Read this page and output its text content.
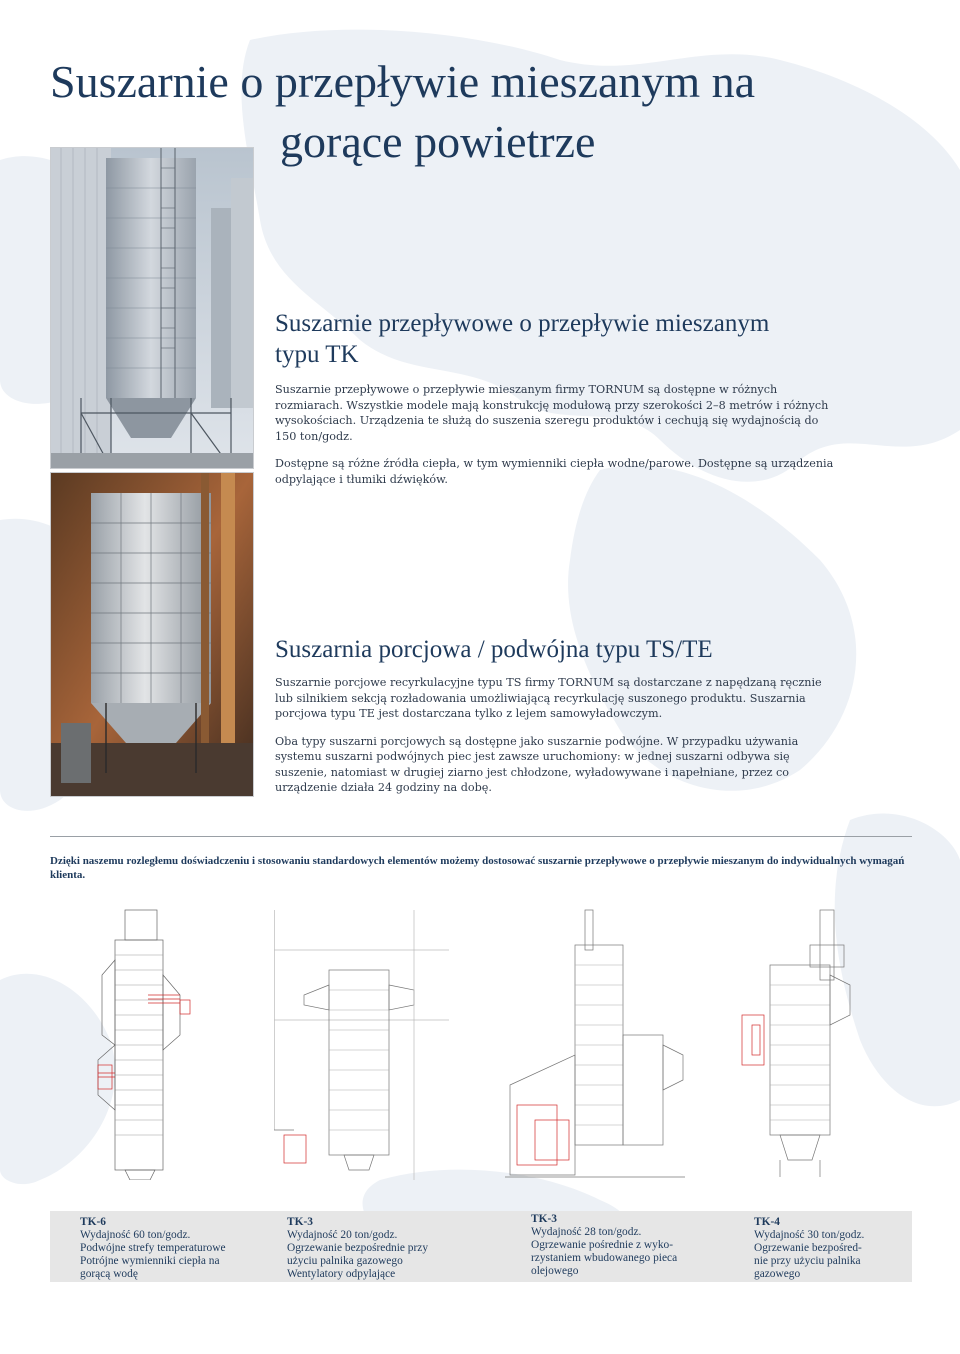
Suszarnie o przepływie mieszanym na
gorące powietrze
Suszarnie przepływowe o przepływie mieszanym
typu TK

Suszarnie przepływowe o przepływie mieszanym firmy TORNUM są dostępne w różnych rozmiarach. Wszystkie modele mają konstrukcję modułową przy szerokości 2–8 metrów i różnych wysokościach. Urządzenia te służą do suszenia szeregu produktów i cechują się wydajnością do 150 ton/godz.

Dostępne są różne źródła ciepła, w tym wymienniki ciepła wodne/parowe. Dostępne są urządzenia odpylające i tłumiki dźwięków.

Suszarnia porcjowa / podwójna typu TS/TE

Suszarnie porcjowe recyrkulacyjne typu TS firmy TORNUM są dostarczane z napędzaną ręcznie lub silnikiem sekcją rozładowania umożliwiającą recyrkulację suszonego produktu. Suszarnia porcjowa typu TE jest dostarczana tylko z lejem samowyładowczym.

Oba typy suszarni porcjowych są dostępne jako suszarnie podwójne. W przypadku używania systemu suszarni podwójnych piec jest zawsze uruchomiony: w jednej suszarni odbywa się suszenie, natomiast w drugiej ziarno jest chłodzone, wyładowywane i napełniane, przez co urządzenie działa 24 godziny na dobę.

Dzięki naszemu rozległemu doświadczeniu i stosowaniu standardowych elementów możemy dostosować suszarnie przepływowe o przepływie mieszanym do indywidualnych wymagań klienta.

TK-6

Wydajność 60 ton/godz.
Podwójne strefy temperaturowe
Potrójne wymienniki ciepła na
gorącą wodę

TK-3

Wydajność 20 ton/godz.
Ogrzewanie bezpośrednie przy
użyciu palnika gazowego
Wentylatory odpylające

TK-3

Wydajność 28 ton/godz.
Ogrzewanie pośrednie z wyko-
rzystaniem wbudowanego pieca
olejowego

TK-4

Wydajność 30 ton/godz.
Ogrzewanie bezpośred-
nie przy użyciu palnika
gazowego
